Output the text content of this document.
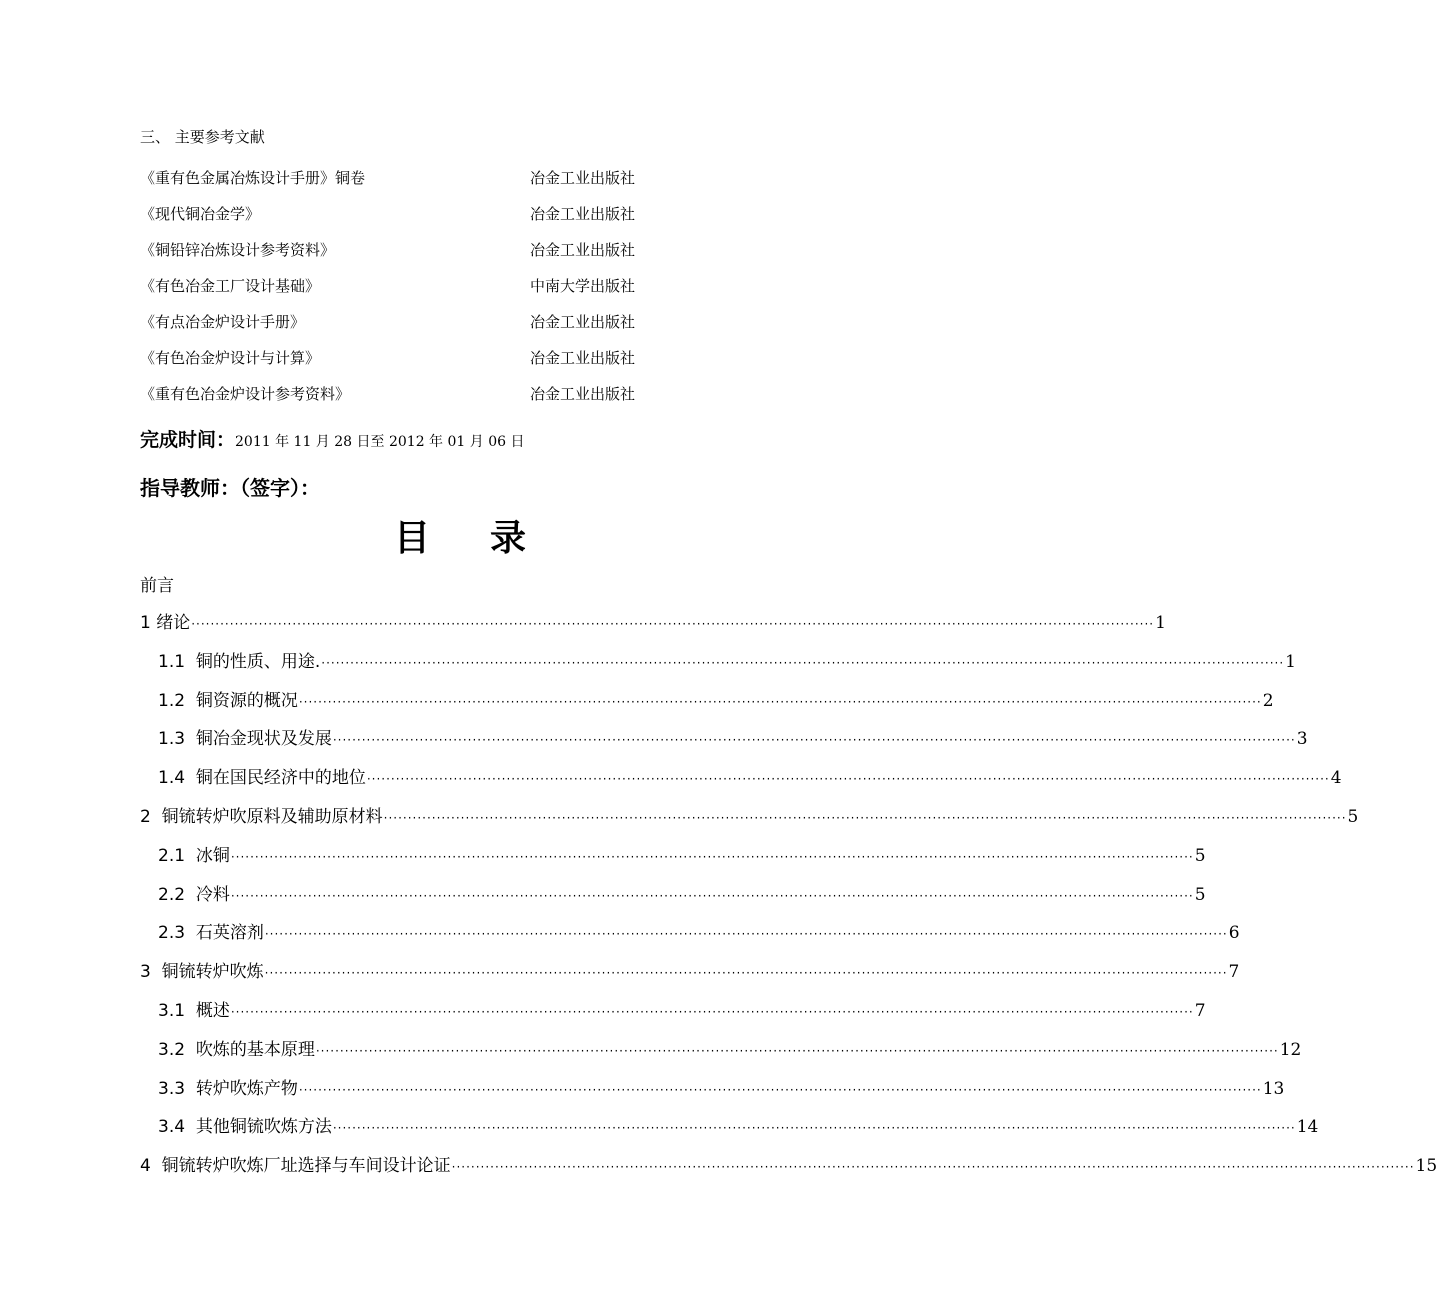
三、 主要参考文献
《重有色金属冶炼设计手册》铜卷	冶金工业出版社
《现代铜冶金学》	冶金工业出版社
《铜铅锌冶炼设计参考资料》	冶金工业出版社
《有色冶金工厂设计基础》	中南大学出版社
《有点冶金炉设计手册》	冶金工业出版社
《有色冶金炉设计与计算》	冶金工业出版社
《重有色冶金炉设计参考资料》	冶金工业出版社
完成时间：2011 年 11 月 28 日至 2012 年 01 月 06 日
指导教师：（签字）：
目录
前言
1 绪论 ········································································································································································································ 1
1.1 铜的性质、用途. ········································································································································································································ 1
1.2 铜资源的概况 ········································································································································································································ 2
1.3 铜冶金现状及发展 ········································································································································································································ 3
1.4 铜在国民经济中的地位 ········································································································································································································ 4
2 铜锍转炉吹原料及辅助原材料 ········································································································································································································ 5
2.1 冰铜 ········································································································································································································ 5
2.2 冷料 ········································································································································································································ 5
2.3 石英溶剂 ········································································································································································································ 6
3 铜锍转炉吹炼 ········································································································································································································ 7
3.1 概述 ········································································································································································································ 7
3.2 吹炼的基本原理 ········································································································································································································ 12
3.3 转炉吹炼产物 ········································································································································································································ 13
3.4 其他铜锍吹炼方法 ········································································································································································································ 14
4 铜锍转炉吹炼厂址选择与车间设计论证 ········································································································································································································ 15
